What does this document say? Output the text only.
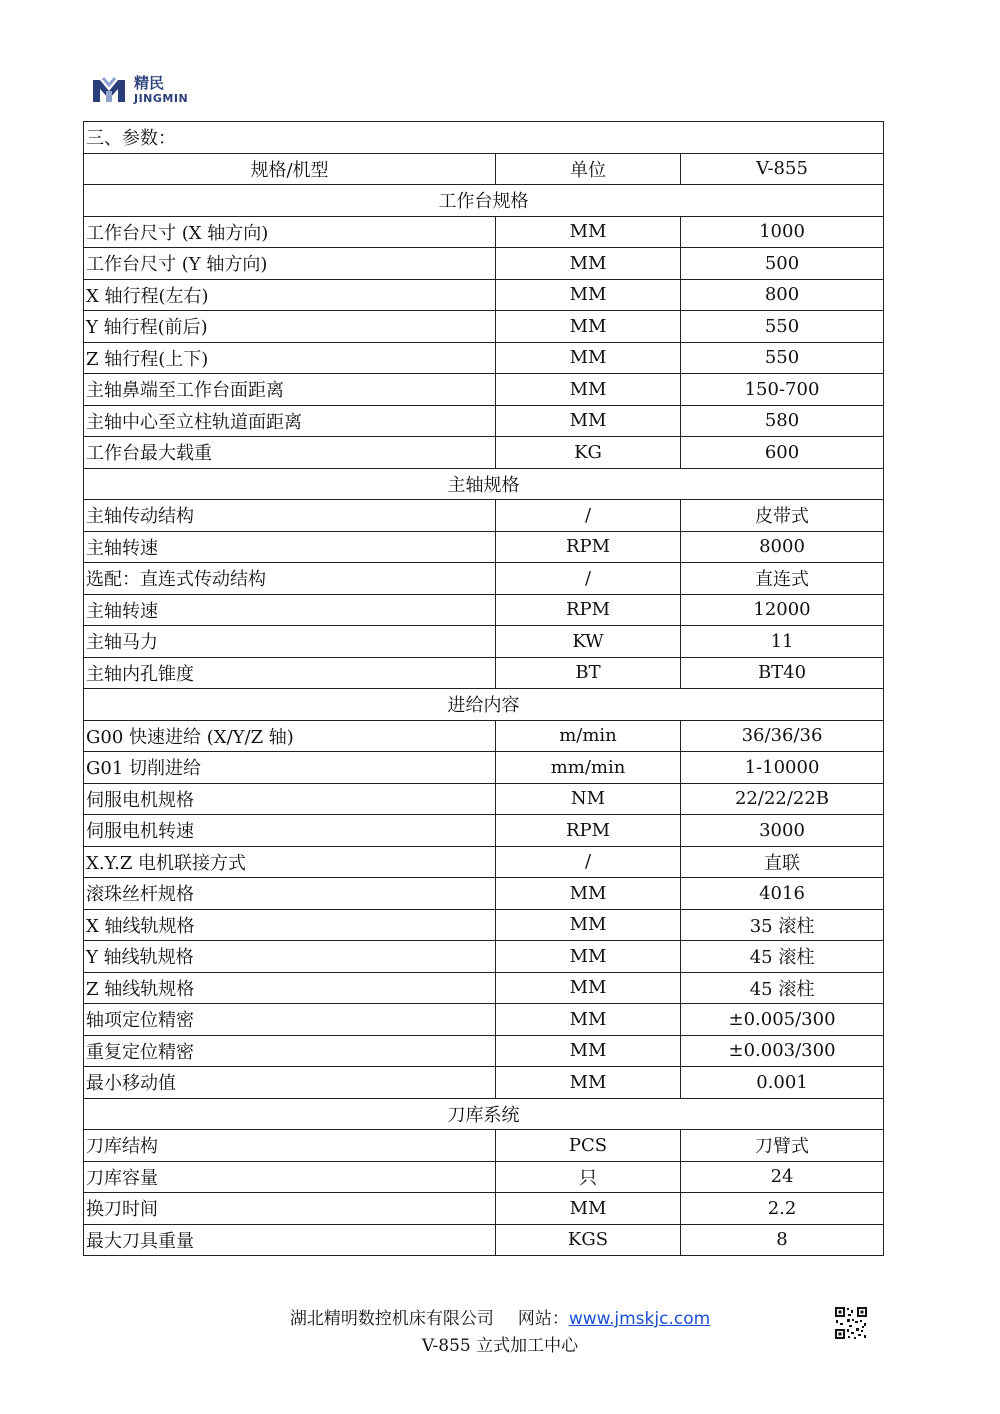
精民
JINGMIN
三、参数：		
规格/机型	单位	V-855
工作台规格		
工作台尺寸 (X 轴方向)	MM	1000
工作台尺寸 (Y 轴方向)	MM	500
X 轴行程(左右)	MM	800
Y 轴行程(前后)	MM	550
Z 轴行程(上下)	MM	550
主轴鼻端至工作台面距离	MM	150-700
主轴中心至立柱轨道面距离	MM	580
工作台最大载重	KG	600
主轴规格		
主轴传动结构	/	皮带式
主轴转速	RPM	8000
选配：直连式传动结构	/	直连式
主轴转速	RPM	12000
主轴马力	KW	11
主轴内孔锥度	BT	BT40
进给内容		
G00 快速进给 (X/Y/Z 轴)	m/min	36/36/36
G01 切削进给	mm/min	1-10000
伺服电机规格	NM	22/22/22B
伺服电机转速	RPM	3000
X.Y.Z 电机联接方式	/	直联
滚珠丝杆规格	MM	4016
X 轴线轨规格	MM	35 滚柱
Y 轴线轨规格	MM	45 滚柱
Z 轴线轨规格	MM	45 滚柱
轴项定位精密	MM	±0.005/300
重复定位精密	MM	±0.003/300
最小移动值	MM	0.001
刀库系统		
刀库结构	PCS	刀臂式
刀库容量	只	24
换刀时间	MM	2.2
最大刀具重量	KGS	8
湖北精明数控机床有限公司 网站：www.jmskjc.com
V-855 立式加工中心
